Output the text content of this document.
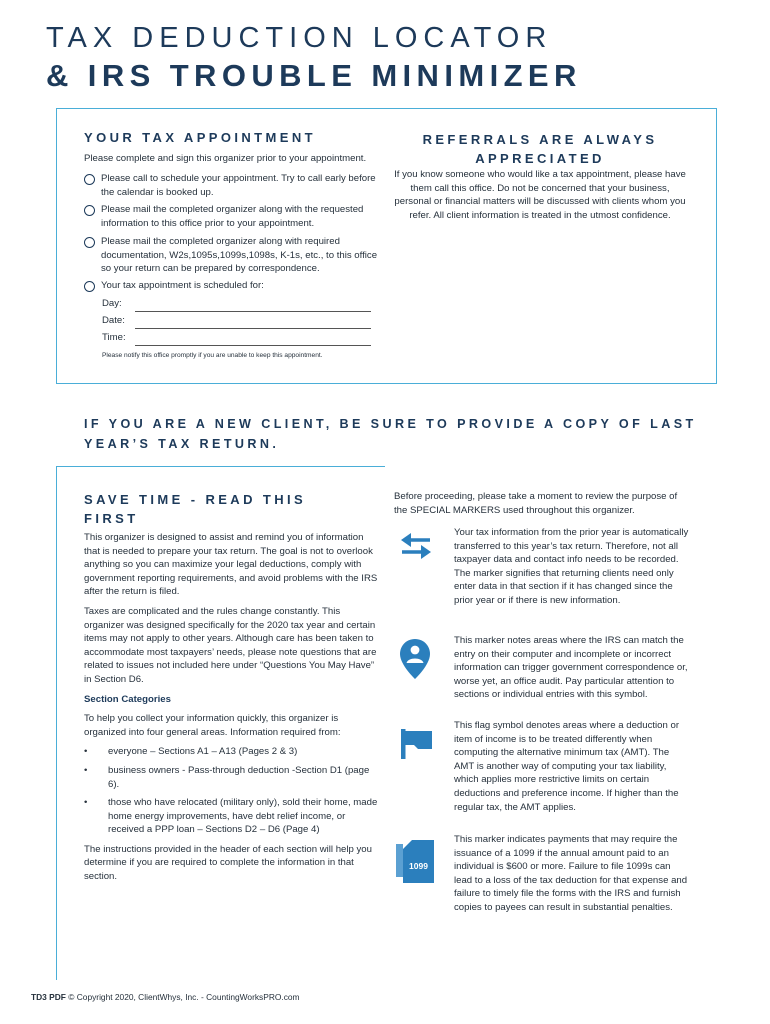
TAX DEDUCTION LOCATOR
& IRS TROUBLE MINIMIZER
YOUR TAX APPOINTMENT
Please complete and sign this organizer prior to your appointment.
Please call to schedule your appointment. Try to call early before the calendar is booked up.
Please mail the completed organizer along with the requested information to this office prior to your appointment.
Please mail the completed organizer along with required documentation, W2s,1095s,1099s,1098s, K-1s, etc., to this office so your return can be prepared by correspondence.
Your tax appointment is scheduled for:
Day:
Date:
Time:
Please notify this office promptly if you are unable to keep this appointment.
REFERRALS ARE ALWAYS APPRECIATED
If you know someone who would like a tax appointment, please have them call this office. Do not be concerned that your business, personal or financial matters will be discussed with clients whom you refer. All client information is treated in the utmost confidence.
IF YOU ARE A NEW CLIENT, BE SURE TO PROVIDE A COPY OF LAST YEAR’S TAX RETURN.
SAVE TIME - READ THIS FIRST
This organizer is designed to assist and remind you of information that is needed to prepare your tax return. The goal is not to overlook anything so you can maximize your legal deductions, comply with government reporting requirements, and avoid problems with the IRS after the return is filed.
Taxes are complicated and the rules change constantly. This organizer was designed specifically for the 2020 tax year and certain items may not apply to other years. Although care has been taken to accommodate most taxpayers’ needs, please note questions that are related to issues not included here under “Questions You May Have” in Section D6.
Section Categories
To help you collect your information quickly, this organizer is organized into four general areas. Information required from:
• everyone – Sections A1 – A13 (Pages 2 & 3)
• business owners - Pass-through deduction -Section D1 (page 6).
• those who have relocated (military only), sold their home, made home energy improvements, have debt relief income, or received a PPP loan – Sections D2 – D6 (Page 4)
The instructions provided in the header of each section will help you determine if you are required to complete the information in that section.
Before proceeding, please take a moment to review the purpose of the SPECIAL MARKERS used throughout this organizer.
Your tax information from the prior year is automatically transferred to this year’s tax return. Therefore, not all taxpayer data and contact info needs to be recorded. The marker signifies that returning clients need only enter data in that section if it has changed since the prior year or if there is new information.
This marker notes areas where the IRS can match the entry on their computer and incomplete or incorrect information can trigger government correspondence or, worse yet, an office audit. Pay particular attention to sections or individual entries with this symbol.
This flag symbol denotes areas where a deduction or item of income is to be treated differently when computing the alternative minimum tax (AMT). The AMT is another way of computing your tax liability, which applies more restrictive limits on certain deductions and preference income. If higher than the regular tax, the AMT applies.
1099
This marker indicates payments that may require the issuance of a 1099 if the annual amount paid to an individual is $600 or more. Failure to file 1099s can lead to a loss of the tax deduction for that expense and failure to timely file the forms with the IRS and furnish copies to payees can result in substantial penalties.
TD3 PDF © Copyright 2020, ClientWhys, Inc. - CountingWorksPRO.com
